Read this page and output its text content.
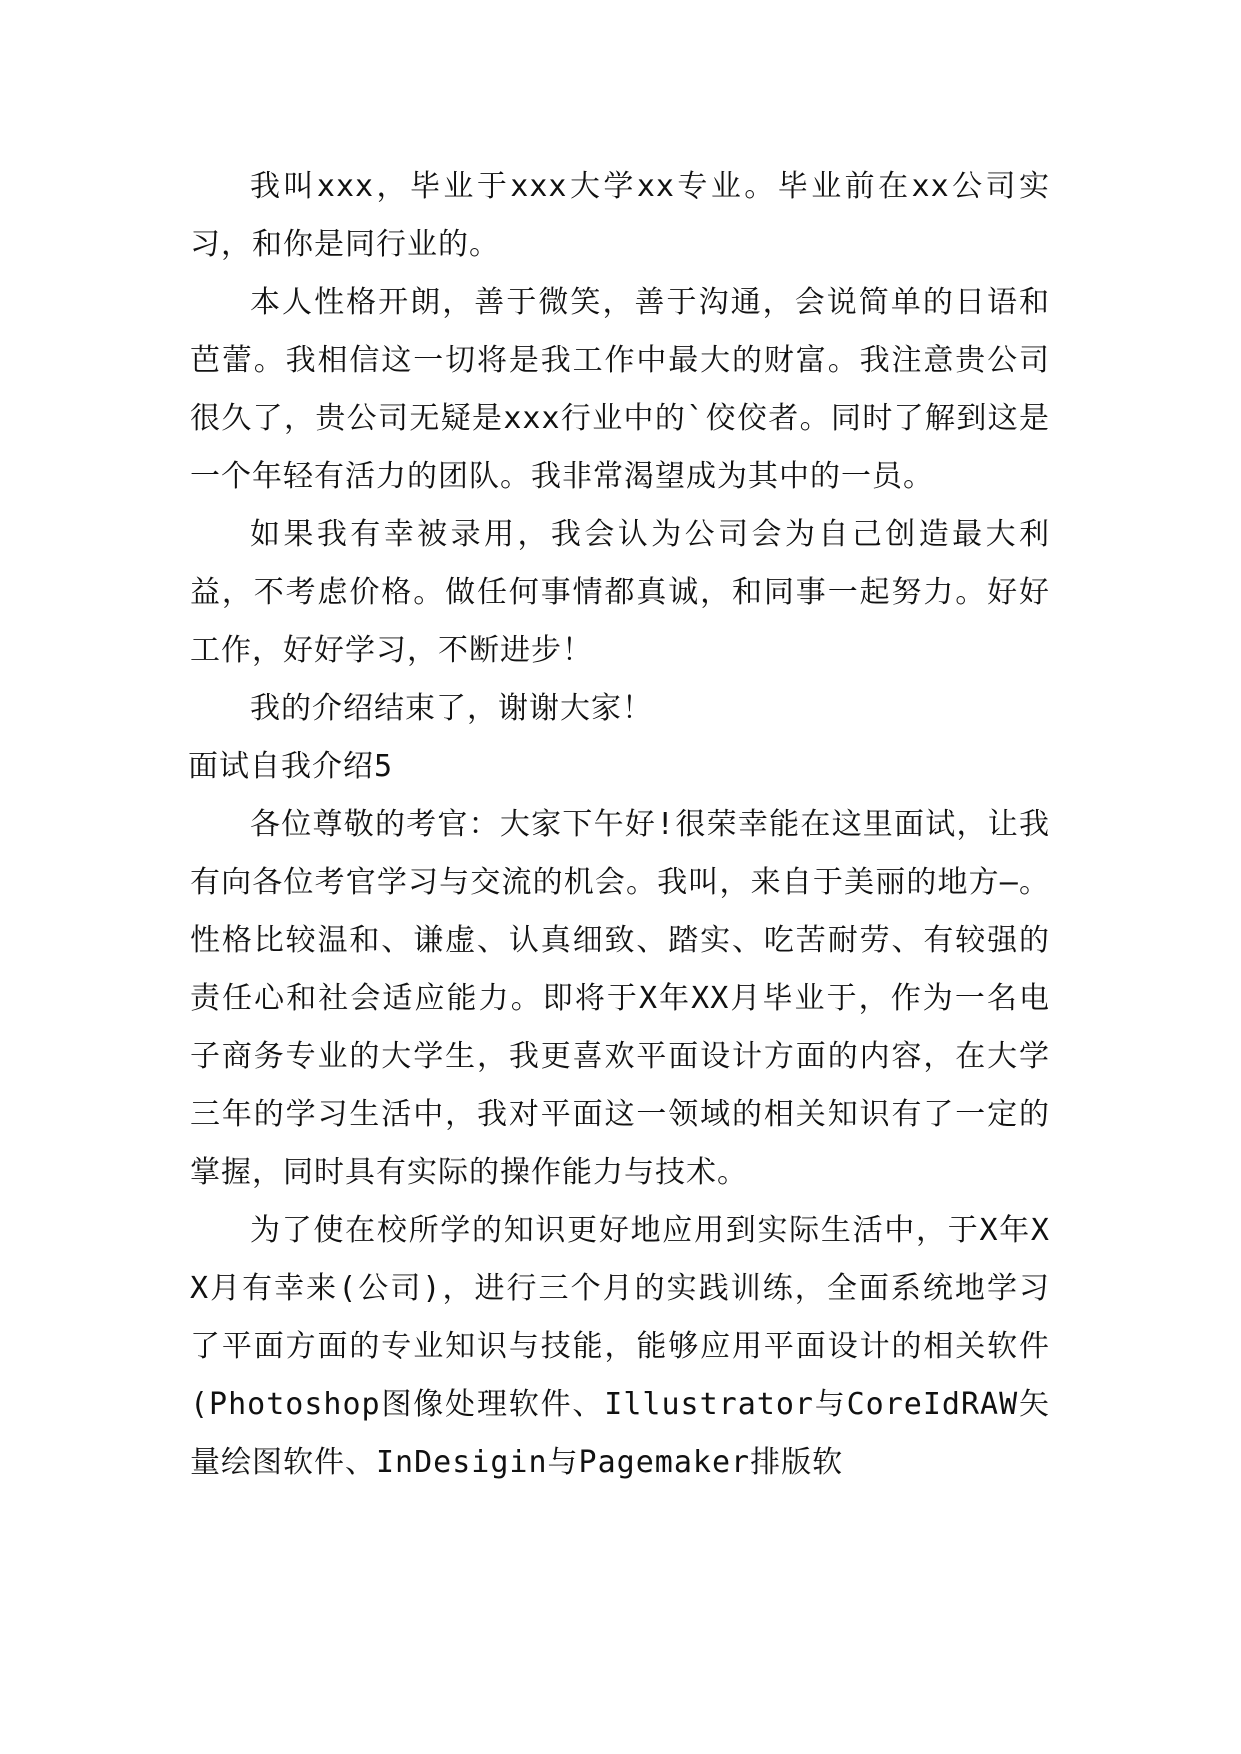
我叫xxx，毕业于xxx大学xx专业。毕业前在xx公司实习，和你是同行业的。

本人性格开朗，善于微笑，善于沟通，会说简单的日语和芭蕾。我相信这一切将是我工作中最大的财富。我注意贵公司很久了，贵公司无疑是xxx行业中的`佼佼者。同时了解到这是一个年轻有活力的团队。我非常渴望成为其中的一员。

如果我有幸被录用，我会认为公司会为自己创造最大利益，不考虑价格。做任何事情都真诚，和同事一起努力。好好工作，好好学习，不断进步！

我的介绍结束了，谢谢大家！

面试自我介绍5

各位尊敬的考官：大家下午好!很荣幸能在这里面试，让我有向各位考官学习与交流的机会。我叫，来自于美丽的地方—。性格比较温和、谦虚、认真细致、踏实、吃苦耐劳、有较强的责任心和社会适应能力。即将于X年XX月毕业于，作为一名电子商务专业的大学生，我更喜欢平面设计方面的内容，在大学三年的学习生活中，我对平面这一领域的相关知识有了一定的掌握，同时具有实际的操作能力与技术。

为了使在校所学的知识更好地应用到实际生活中，于X年XX月有幸来(公司)，进行三个月的实践训练，全面系统地学习了平面方面的专业知识与技能，能够应用平面设计的相关软件(Photoshop图像处理软件、Illustrator与CoreIdRAW矢量绘图软件、InDesigin与Pagemaker排版软
